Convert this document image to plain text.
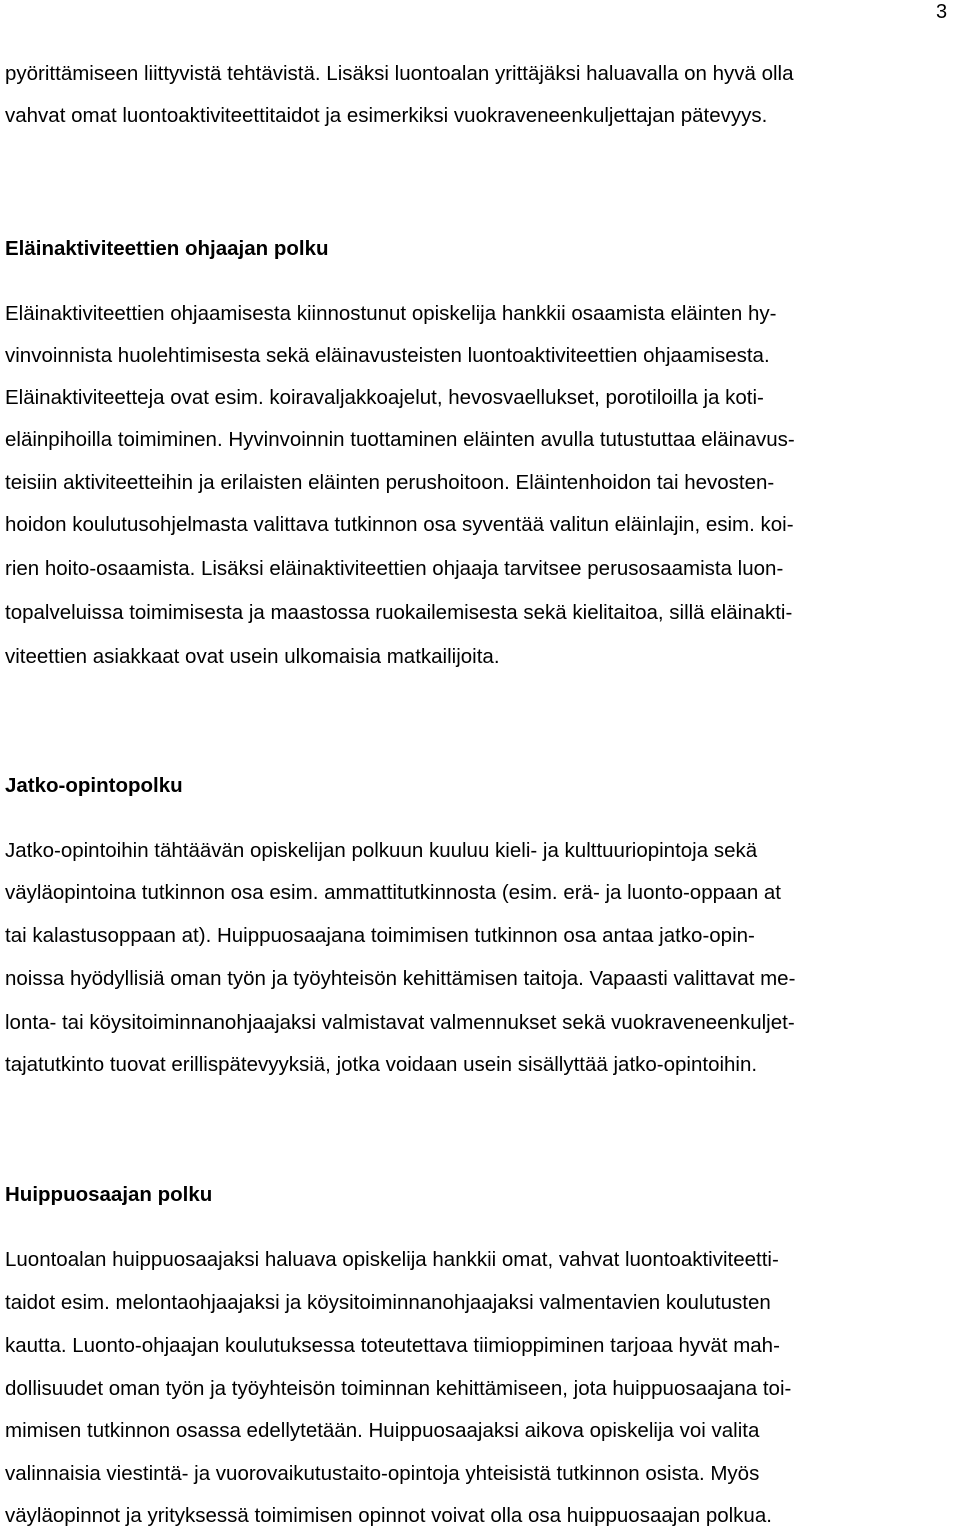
3
pyörittämiseen liittyvistä tehtävistä. Lisäksi luontoalan yrittäjäksi haluavalla on hyvä olla
vahvat omat luontoaktiviteettitaidot ja esimerkiksi vuokraveneenkuljettajan pätevyys.
Eläinaktiviteettien ohjaajan polku
Eläinaktiviteettien ohjaamisesta kiinnostunut opiskelija hankkii osaamista eläinten hy-
vinvoinnista huolehtimisesta sekä eläinavusteisten luontoaktiviteettien ohjaamisesta.
Eläinaktiviteetteja ovat esim. koiravaljakkoajelut, hevosvaellukset, porotiloilla ja koti-
eläinpihoilla toimiminen. Hyvinvoinnin tuottaminen eläinten avulla tutustuttaa eläinavus-
teisiin aktiviteetteihin ja erilaisten eläinten perushoitoon. Eläintenhoidon tai hevosten-
hoidon koulutusohjelmasta valittava tutkinnon osa syventää valitun eläinlajin, esim. koi-
rien hoito-osaamista. Lisäksi eläinaktiviteettien ohjaaja tarvitsee perusosaamista luon-
topalveluissa toimimisesta ja maastossa ruokailemisesta sekä kielitaitoa, sillä eläinakti-
viteettien asiakkaat ovat usein ulkomaisia matkailijoita.
Jatko-opintopolku
Jatko-opintoihin tähtäävän opiskelijan polkuun kuuluu kieli- ja kulttuuriopintoja sekä
väyläopintoina tutkinnon osa esim. ammattitutkinnosta (esim. erä- ja luonto-oppaan at
tai kalastusoppaan at). Huippuosaajana toimimisen tutkinnon osa antaa jatko-opin-
noissa hyödyllisiä oman työn ja työyhteisön kehittämisen taitoja. Vapaasti valittavat me-
lonta- tai köysitoiminnanohjaajaksi valmistavat valmennukset sekä vuokraveneenkuljet-
tajatutkinto tuovat erillispätevyyksiä, jotka voidaan usein sisällyttää jatko-opintoihin.
Huippuosaajan polku
Luontoalan huippuosaajaksi haluava opiskelija hankkii omat, vahvat luontoaktiviteetti-
taidot esim. melontaohjaajaksi ja köysitoiminnanohjaajaksi valmentavien koulutusten
kautta. Luonto-ohjaajan koulutuksessa toteutettava tiimioppiminen tarjoaa hyvät mah-
dollisuudet oman työn ja työyhteisön toiminnan kehittämiseen, jota huippuosaajana toi-
mimisen tutkinnon osassa edellytetään. Huippuosaajaksi aikova opiskelija voi valita
valinnaisia viestintä- ja vuorovaikutustaito-opintoja yhteisistä tutkinnon osista. Myös
väyläopinnot ja yrityksessä toimimisen opinnot voivat olla osa huippuosaajan polkua.
